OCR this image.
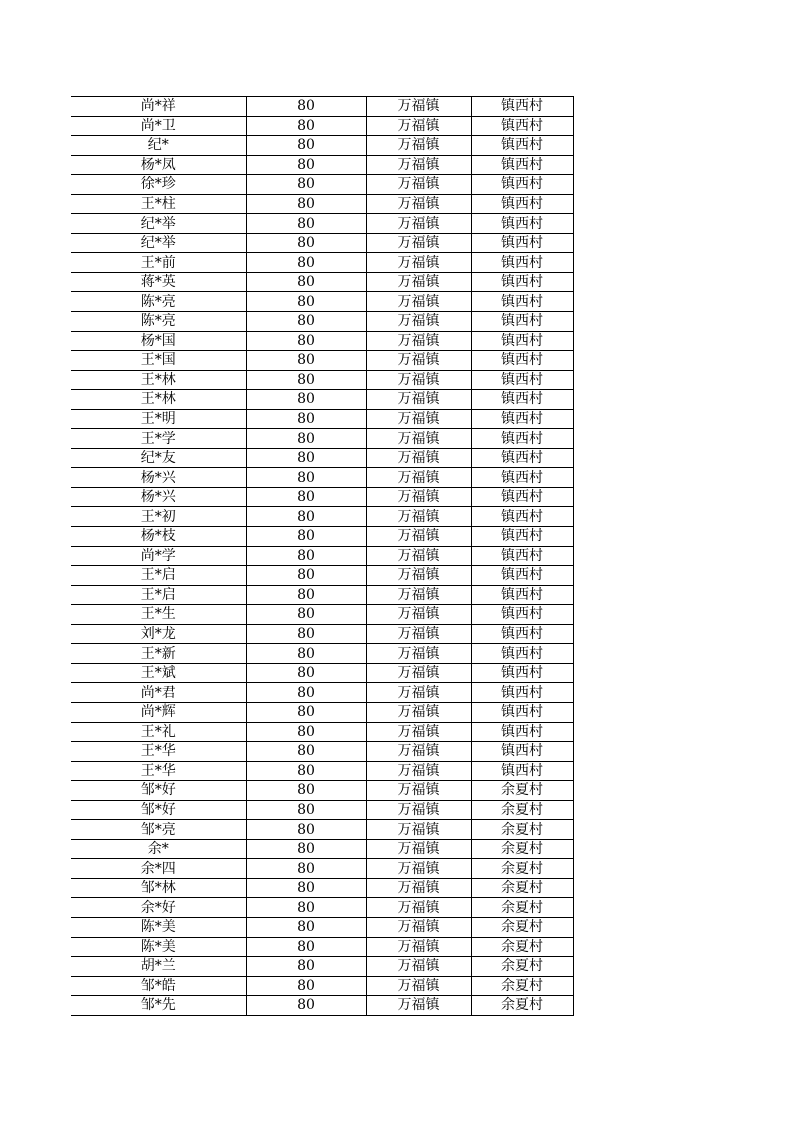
尚*祥	80	万福镇	镇西村
尚*卫	80	万福镇	镇西村
纪*	80	万福镇	镇西村
杨*凤	80	万福镇	镇西村
徐*珍	80	万福镇	镇西村
王*柱	80	万福镇	镇西村
纪*举	80	万福镇	镇西村
纪*举	80	万福镇	镇西村
王*前	80	万福镇	镇西村
蒋*英	80	万福镇	镇西村
陈*亮	80	万福镇	镇西村
陈*亮	80	万福镇	镇西村
杨*国	80	万福镇	镇西村
王*国	80	万福镇	镇西村
王*林	80	万福镇	镇西村
王*林	80	万福镇	镇西村
王*明	80	万福镇	镇西村
王*学	80	万福镇	镇西村
纪*友	80	万福镇	镇西村
杨*兴	80	万福镇	镇西村
杨*兴	80	万福镇	镇西村
王*初	80	万福镇	镇西村
杨*枝	80	万福镇	镇西村
尚*学	80	万福镇	镇西村
王*启	80	万福镇	镇西村
王*启	80	万福镇	镇西村
王*生	80	万福镇	镇西村
刘*龙	80	万福镇	镇西村
王*新	80	万福镇	镇西村
王*斌	80	万福镇	镇西村
尚*君	80	万福镇	镇西村
尚*辉	80	万福镇	镇西村
王*礼	80	万福镇	镇西村
王*华	80	万福镇	镇西村
王*华	80	万福镇	镇西村
邹*好	80	万福镇	余夏村
邹*好	80	万福镇	余夏村
邹*亮	80	万福镇	余夏村
余*	80	万福镇	余夏村
余*四	80	万福镇	余夏村
邹*林	80	万福镇	余夏村
余*好	80	万福镇	余夏村
陈*美	80	万福镇	余夏村
陈*美	80	万福镇	余夏村
胡*兰	80	万福镇	余夏村
邹*皓	80	万福镇	余夏村
邹*先	80	万福镇	余夏村
